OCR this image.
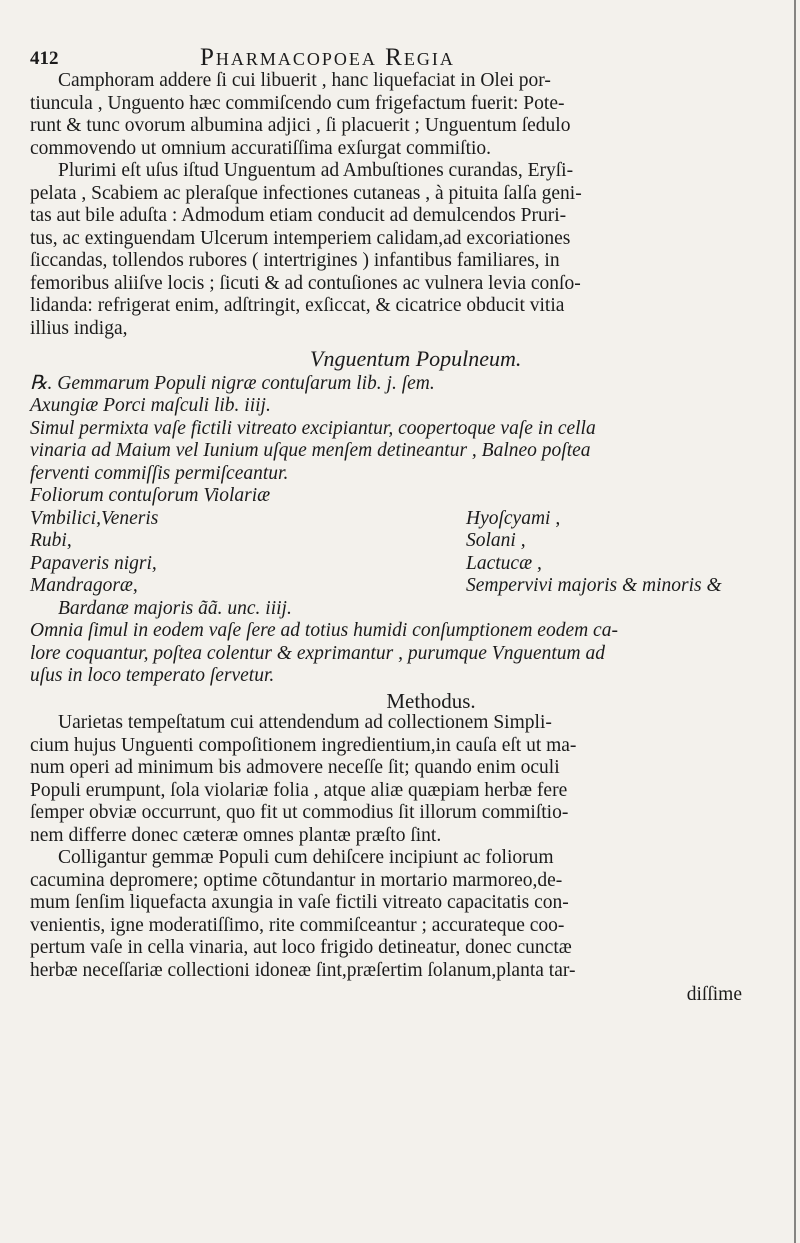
412	Pharmacopoea Regia

Camphoram addere ſi cui libuerit , hanc liquefaciat in Olei por-

tiuncula , Unguento hæc commiſcendo cum frigefactum fuerit: Pote-

runt & tunc ovorum albumina adjici , ſi placuerit ; Unguentum ſedulo

commovendo ut omnium accuratiſſima exſurgat commiſtio.

Plurimi eſt uſus iſtud Unguentum ad Ambuſtiones curandas, Eryſi-

pelata , Scabiem ac pleraſque infectiones cutaneas , à pituita ſalſa geni-

tas aut bile aduſta : Admodum etiam conducit ad demulcendos Pruri-

tus, ac extinguendam Ulcerum intemperiem calidam,ad excoriationes

ſiccandas, tollendos rubores ( intertrigines ) infantibus familiares, in

femoribus aliiſve locis ; ſicuti & ad contuſiones ac vulnera levia conſo-

lidanda: refrigerat enim, adſtringit, exſiccat, & cicatrice obducit vitia

illius indiga,

Vnguentum Populneum.

℞. Gemmarum Populi nigræ contuſarum lib. j. ſem.

Axungiæ Porci maſculi lib. iiij.

Simul permixta vaſe fictili vitreato excipiantur, coopertoque vaſe in cella

vinaria ad Maium vel Iunium uſque menſem detineantur , Balneo poſtea

ferventi commiſſis permiſceantur.

Foliorum contuſorum Violariæ

Vmbilici,Veneris

Rubi,

Papaveris nigri,

Mandragoræ,

Hyoſcyami ,

Solani ,

Lactucæ ,

Sempervivi majoris & minoris &

Bardanæ majoris ãã. unc. iiij.

Omnia ſimul in eodem vaſe ſere ad totius humidi conſumptionem eodem ca-

lore coquantur, poſtea colentur & exprimantur , purumque Vnguentum ad

uſus in loco temperato ſervetur.

Methodus.

Uarietas tempeſtatum cui attendendum ad collectionem Simpli-

cium hujus Unguenti compoſitionem ingredientium,in cauſa eſt ut ma-

num operi ad minimum bis admovere neceſſe ſit; quando enim oculi

Populi erumpunt, ſola violariæ folia , atque aliæ quæpiam herbæ fere

ſemper obviæ occurrunt, quo fit ut commodius ſit illorum commiſtio-

nem differre donec cæteræ omnes plantæ præſto ſint.

Colligantur gemmæ Populi cum dehiſcere incipiunt ac foliorum

cacumina depromere; optime cõtundantur in mortario marmoreo,de-

mum ſenſim liquefacta axungia in vaſe fictili vitreato capacitatis con-

venientis, igne moderatiſſimo, rite commiſceantur ; accurateque coo-

pertum vaſe in cella vinaria, aut loco frigido detineatur, donec cunctæ

herbæ neceſſariæ collectioni idoneæ ſint,præſertim ſolanum,planta tar-

diſſime
